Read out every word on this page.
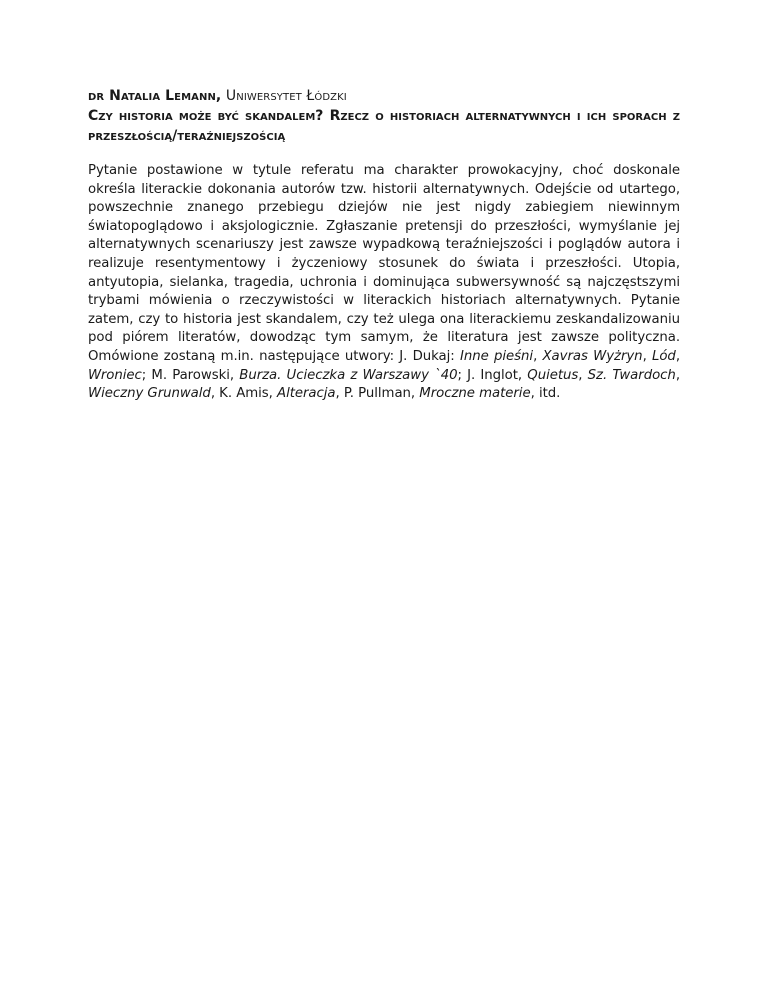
dr Natalia Lemann, Uniwersytet Łódzki

Czy historia może być skandalem? Rzecz o historiach alternatywnych i ich sporach z przeszłością/teraźniejszością

Pytanie postawione w tytule referatu ma charakter prowokacyjny, choć doskonale określa literackie dokonania autorów tzw. historii alternatywnych. Odejście od utartego, powszechnie znanego przebiegu dziejów nie jest nigdy zabiegiem niewinnym światopoglądowo i aksjologicznie. Zgłaszanie pretensji do przeszłości, wymyślanie jej alternatywnych scenariuszy jest zawsze wypadkową teraźniejszości i poglądów autora i realizuje resentymentowy i życzeniowy stosunek do świata i przeszłości. Utopia, antyutopia, sielanka, tragedia, uchronia i dominująca subwersywność są najczęstszymi trybami mówienia o rzeczywistości w literackich historiach alternatywnych. Pytanie zatem, czy to historia jest skandalem, czy też ulega ona literackiemu zeskandalizowaniu pod piórem literatów, dowodząc tym samym, że literatura jest zawsze polityczna. Omówione zostaną m.in. następujące utwory: J. Dukaj: Inne pieśni, Xavras Wyżryn, Lód, Wroniec; M. Parowski, Burza. Ucieczka z Warszawy `40; J. Inglot, Quietus, Sz. Twardoch, Wieczny Grunwald, K. Amis, Alteracja, P. Pullman, Mroczne materie, itd.
